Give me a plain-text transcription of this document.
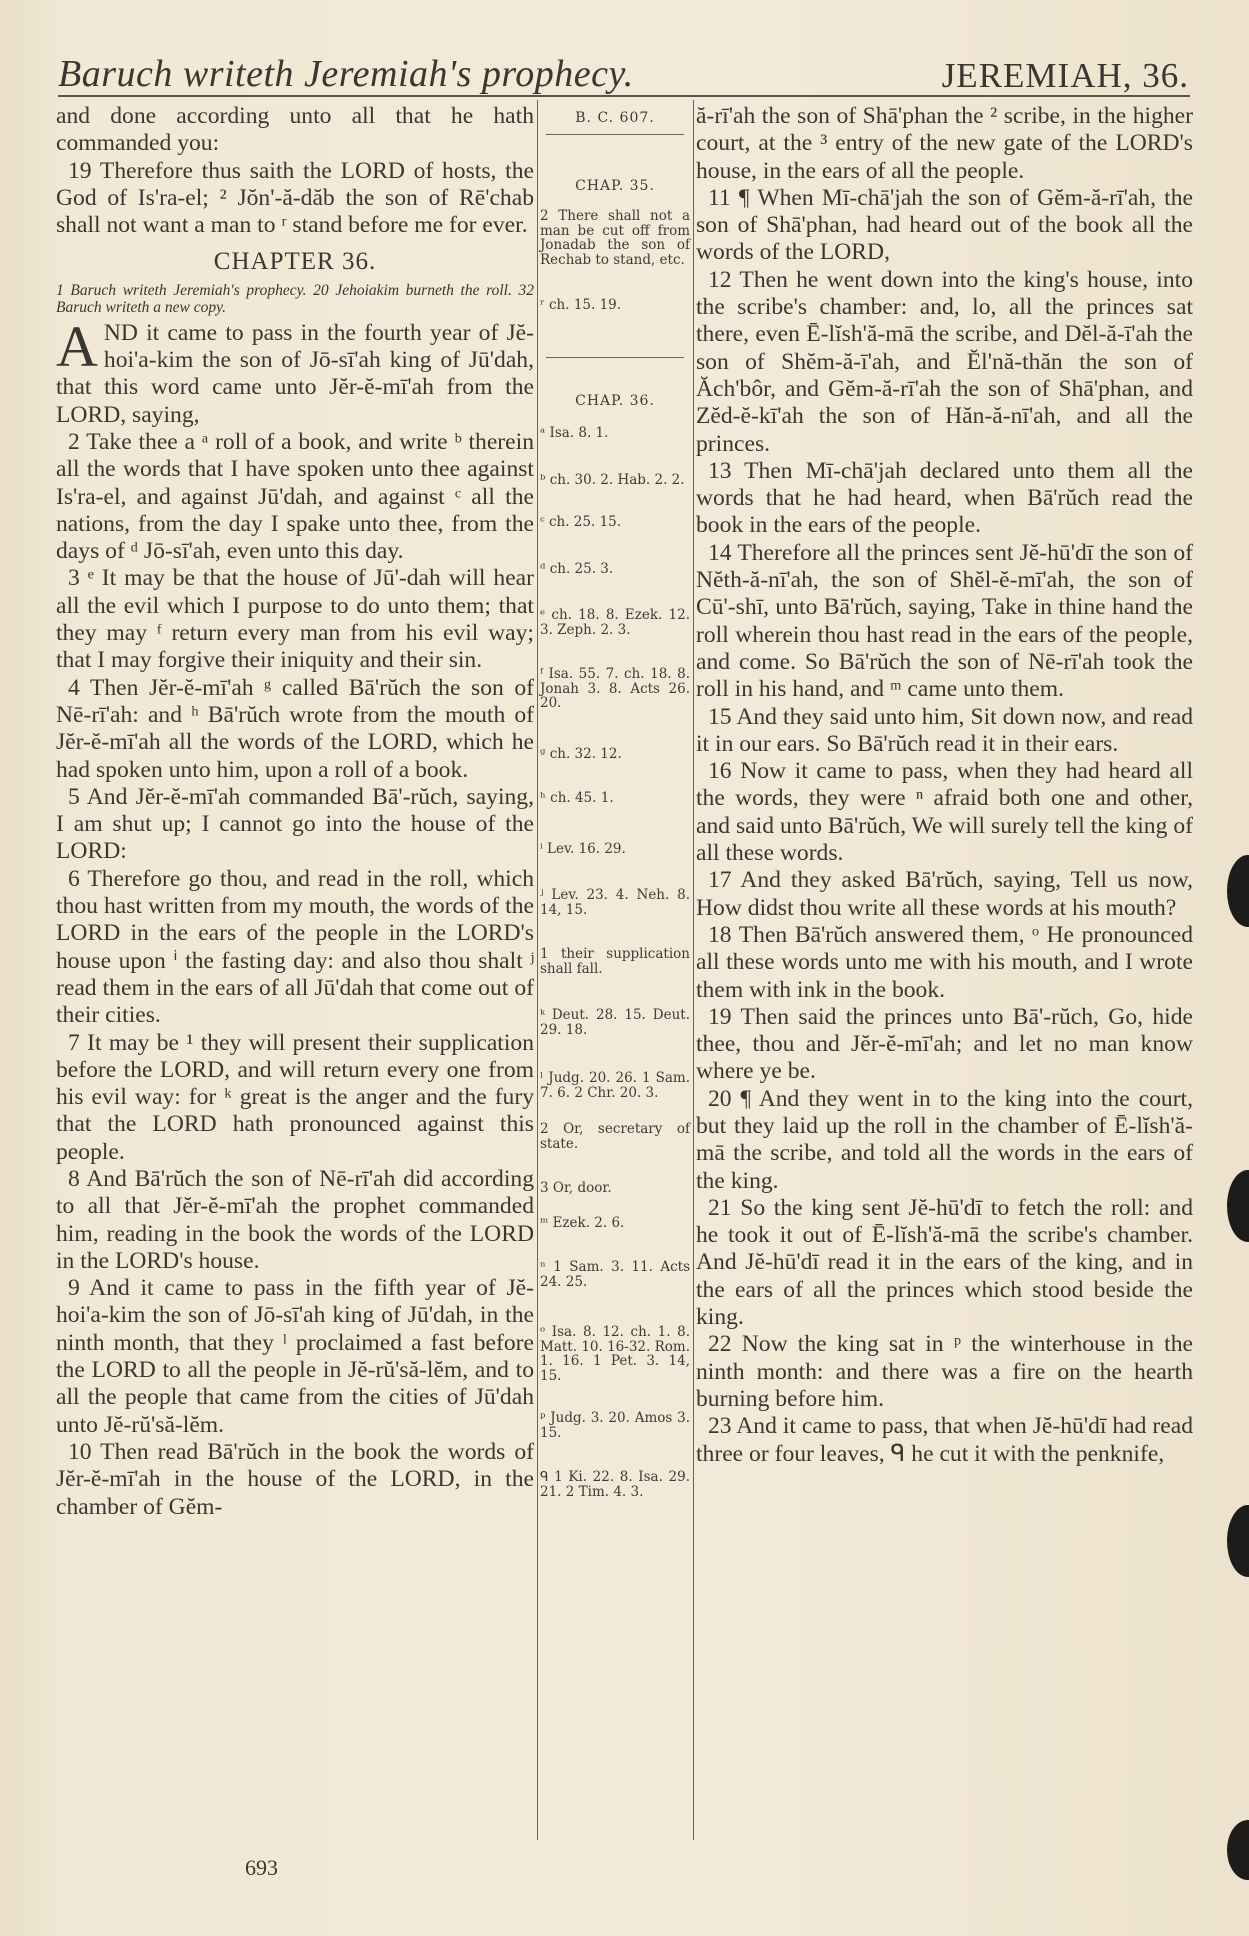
Baruch writeth Jeremiah's prophecy.	JEREMIAH, 36.

and done according unto all that he hath commanded you:

19 Therefore thus saith the LORD of hosts, the God of Is'ra-el; ² Jŏn'-ă-dăb the son of Rē'chab shall not want a man to ʳ stand before me for ever.

CHAPTER 36.

1 Baruch writeth Jeremiah's prophecy. 20 Jehoiakim burneth the roll. 32 Baruch writeth a new copy.

AND it came to pass in the fourth year of Jĕ-hoi'a-kim the son of Jō-sī'ah king of Jū'dah, that this word came unto Jĕr-ĕ-mī'ah from the LORD, saying,

2 Take thee a ᵃ roll of a book, and write ᵇ therein all the words that I have spoken unto thee against Is'ra-el, and against Jū'dah, and against ᶜ all the nations, from the day I spake unto thee, from the days of ᵈ Jō-sī'ah, even unto this day.

3 ᵉ It may be that the house of Jū'-dah will hear all the evil which I purpose to do unto them; that they may ᶠ return every man from his evil way; that I may forgive their iniquity and their sin.

4 Then Jĕr-ĕ-mī'ah ᵍ called Bā'rŭch the son of Nē-rī'ah: and ʰ Bā'rŭch wrote from the mouth of Jĕr-ĕ-mī'ah all the words of the LORD, which he had spoken unto him, upon a roll of a book.

5 And Jĕr-ĕ-mī'ah commanded Bā'-rŭch, saying, I am shut up; I cannot go into the house of the LORD:

6 Therefore go thou, and read in the roll, which thou hast written from my mouth, the words of the LORD in the ears of the people in the LORD's house upon ⁱ the fasting day: and also thou shalt ʲ read them in the ears of all Jū'dah that come out of their cities.

7 It may be ¹ they will present their supplication before the LORD, and will return every one from his evil way: for ᵏ great is the anger and the fury that the LORD hath pronounced against this people.

8 And Bā'rŭch the son of Nē-rī'ah did according to all that Jĕr-ĕ-mī'ah the prophet commanded him, reading in the book the words of the LORD in the LORD's house.

9 And it came to pass in the fifth year of Jĕ-hoi'a-kim the son of Jō-sī'ah king of Jū'dah, in the ninth month, that they ˡ proclaimed a fast before the LORD to all the people in Jĕ-rŭ'să-lĕm, and to all the people that came from the cities of Jū'dah unto Jĕ-rŭ'să-lĕm.

10 Then read Bā'rŭch in the book the words of Jĕr-ĕ-mī'ah in the house of the LORD, in the chamber of Gĕm-

B. C. 607.

CHAP. 35.

2 There shall not a man be cut off from Jonadab the son of Rechab to stand, etc.

ʳ ch. 15. 19.

CHAP. 36.

ᵃ Isa. 8. 1.

ᵇ ch. 30. 2. Hab. 2. 2.

ᶜ ch. 25. 15.

ᵈ ch. 25. 3.

ᵉ ch. 18. 8. Ezek. 12. 3. Zeph. 2. 3.

ᶠ Isa. 55. 7. ch. 18. 8. Jonah 3. 8. Acts 26. 20.

ᵍ ch. 32. 12.

ʰ ch. 45. 1.

ⁱ Lev. 16. 29.

ʲ Lev. 23. 4. Neh. 8. 14, 15.

1 their supplication shall fall.

ᵏ Deut. 28. 15. Deut. 29. 18.

ˡ Judg. 20. 26. 1 Sam. 7. 6. 2 Chr. 20. 3.

2 Or, secretary of state.

3 Or, door.

ᵐ Ezek. 2. 6.

ⁿ 1 Sam. 3. 11. Acts 24. 25.

ᵒ Isa. 8. 12. ch. 1. 8. Matt. 10. 16-32. Rom. 1. 16. 1 Pet. 3. 14, 15.

ᵖ Judg. 3. 20. Amos 3. 15.

ᑫ 1 Ki. 22. 8. Isa. 29. 21. 2 Tim. 4. 3.

ă-rī'ah the son of Shā'phan the ² scribe, in the higher court, at the ³ entry of the new gate of the LORD's house, in the ears of all the people.

11 ¶ When Mī-chā'jah the son of Gĕm-ă-rī'ah, the son of Shā'phan, had heard out of the book all the words of the LORD,

12 Then he went down into the king's house, into the scribe's chamber: and, lo, all the princes sat there, even Ē-lĭsh'ă-mā the scribe, and Dĕl-ă-ī'ah the son of Shĕm-ă-ī'ah, and Ĕl'nă-thăn the son of Ăch'bôr, and Gĕm-ă-rī'ah the son of Shā'phan, and Zĕd-ĕ-kī'ah the son of Hăn-ă-nī'ah, and all the princes.

13 Then Mī-chā'jah declared unto them all the words that he had heard, when Bā'rŭch read the book in the ears of the people.

14 Therefore all the princes sent Jĕ-hū'dī the son of Nĕth-ă-nī'ah, the son of Shĕl-ĕ-mī'ah, the son of Cū'-shī, unto Bā'rŭch, saying, Take in thine hand the roll wherein thou hast read in the ears of the people, and come. So Bā'rŭch the son of Nē-rī'ah took the roll in his hand, and ᵐ came unto them.

15 And they said unto him, Sit down now, and read it in our ears. So Bā'rŭch read it in their ears.

16 Now it came to pass, when they had heard all the words, they were ⁿ afraid both one and other, and said unto Bā'rŭch, We will surely tell the king of all these words.

17 And they asked Bā'rŭch, saying, Tell us now, How didst thou write all these words at his mouth?

18 Then Bā'rŭch answered them, ᵒ He pronounced all these words unto me with his mouth, and I wrote them with ink in the book.

19 Then said the princes unto Bā'-rŭch, Go, hide thee, thou and Jĕr-ĕ-mī'ah; and let no man know where ye be.

20 ¶ And they went in to the king into the court, but they laid up the roll in the chamber of Ē-lĭsh'ă-mā the scribe, and told all the words in the ears of the king.

21 So the king sent Jĕ-hū'dī to fetch the roll: and he took it out of Ē-lĭsh'ă-mā the scribe's chamber. And Jĕ-hū'dī read it in the ears of the king, and in the ears of all the princes which stood beside the king.

22 Now the king sat in ᵖ the winterhouse in the ninth month: and there was a fire on the hearth burning before him.

23 And it came to pass, that when Jĕ-hū'dī had read three or four leaves, ᑫ he cut it with the penknife,

693
